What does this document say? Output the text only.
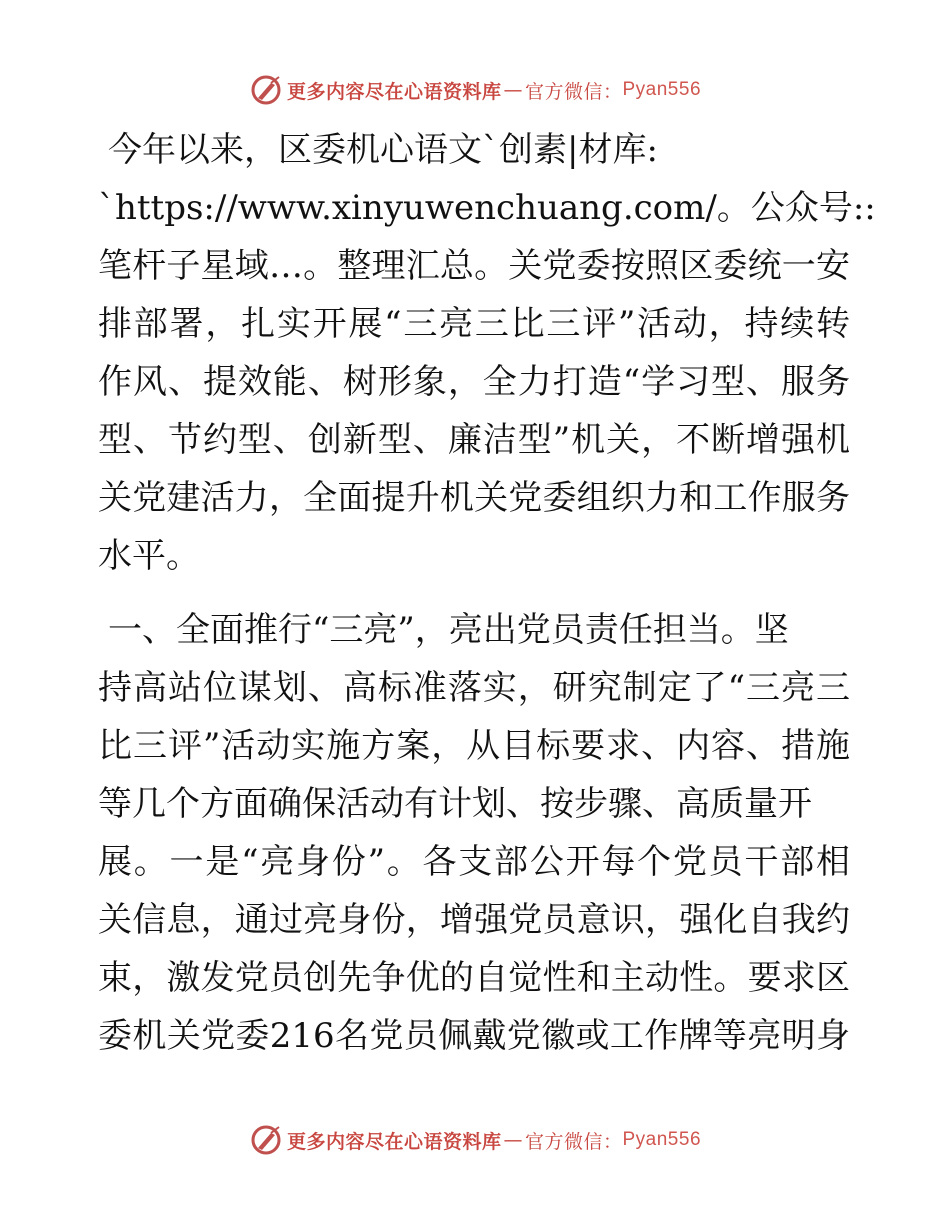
更多内容尽在心语资料库 — 官方微信： Pyan556
今年以来，区委机心语文`创素|材库:
`https://www.xinyuwenchuang.com/。公众号::
笔杆子星域…。整理汇总。关党委按照区委统一安
排部署，扎实开展“三亮三比三评”活动，持续转
作风、提效能、树形象，全力打造“学习型、服务
型、节约型、创新型、廉洁型”机关，不断增强机
关党建活力，全面提升机关党委组织力和工作服务
水平。
一、全面推行“三亮”，亮出党员责任担当。坚
持高站位谋划、高标准落实，研究制定了“三亮三
比三评”活动实施方案，从目标要求、内容、措施
等几个方面确保活动有计划、按步骤、高质量开
展。一是“亮身份”。各支部公开每个党员干部相
关信息，通过亮身份，增强党员意识，强化自我约
束，激发党员创先争优的自觉性和主动性。要求区
委机关党委216名党员佩戴党徽或工作牌等亮明身
更多内容尽在心语资料库 — 官方微信： Pyan556
